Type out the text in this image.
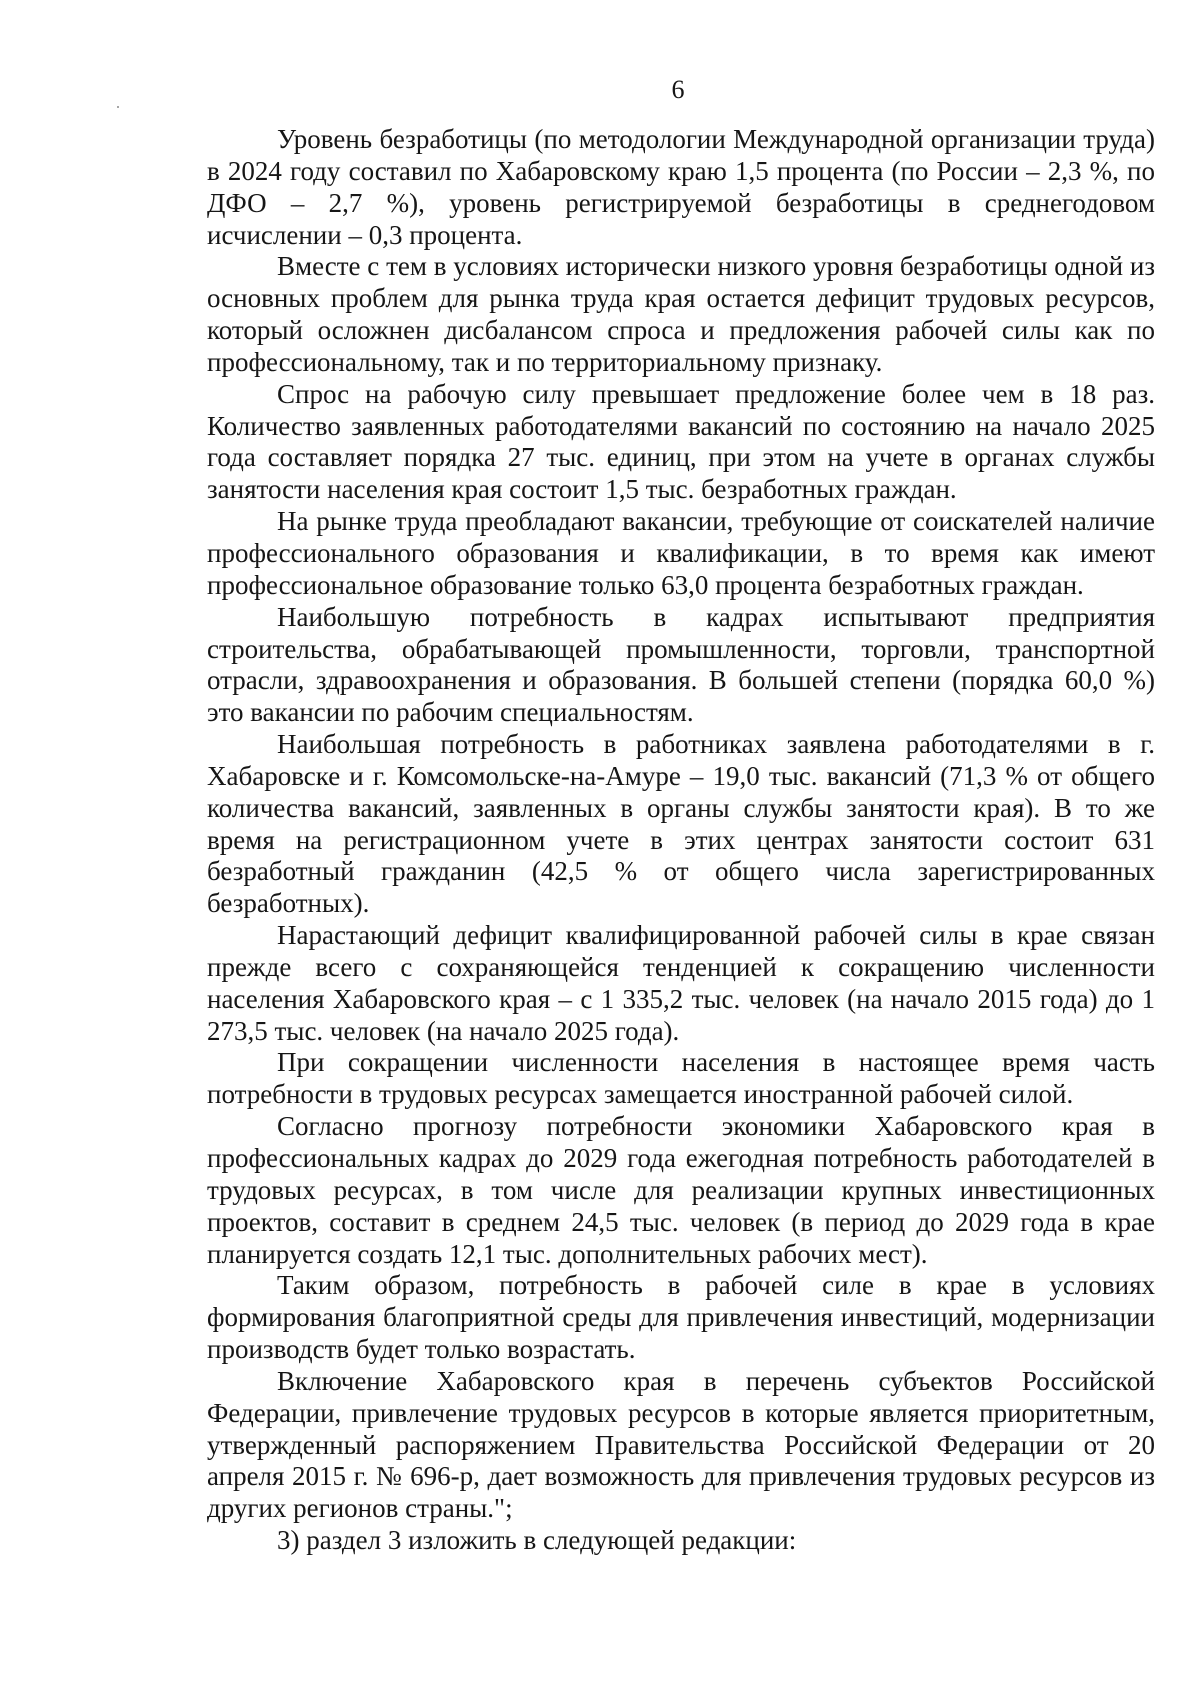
6

Уровень безработицы (по методологии Международной организации труда) в 2024 году составил по Хабаровскому краю 1,5 процента (по России – 2,3 %, по ДФО – 2,7 %), уровень регистрируемой безработицы в среднегодовом исчислении – 0,3 процента.

Вместе с тем в условиях исторически низкого уровня безработицы одной из основных проблем для рынка труда края остается дефицит трудовых ресурсов, который осложнен дисбалансом спроса и предложения рабочей силы как по профессиональному, так и по территориальному признаку.

Спрос на рабочую силу превышает предложение более чем в 18 раз. Количество заявленных работодателями вакансий по состоянию на начало 2025 года составляет порядка 27 тыс. единиц, при этом на учете в органах службы занятости населения края состоит 1,5 тыс. безработных граждан.

На рынке труда преобладают вакансии, требующие от соискателей наличие профессионального образования и квалификации, в то время как имеют профессиональное образование только 63,0 процента безработных граждан.

Наибольшую потребность в кадрах испытывают предприятия строительства, обрабатывающей промышленности, торговли, транспортной отрасли, здравоохранения и образования. В большей степени (порядка 60,0 %) это вакансии по рабочим специальностям.

Наибольшая потребность в работниках заявлена работодателями в г. Хабаровске и г. Комсомольске-на-Амуре – 19,0 тыс. вакансий (71,3 % от общего количества вакансий, заявленных в органы службы занятости края). В то же время на регистрационном учете в этих центрах занятости состоит 631 безработный гражданин (42,5 % от общего числа зарегистрированных безработных).

Нарастающий дефицит квалифицированной рабочей силы в крае связан прежде всего с сохраняющейся тенденцией к сокращению численности населения Хабаровского края – с 1 335,2 тыс. человек (на начало 2015 года) до 1 273,5 тыс. человек (на начало 2025 года).

При сокращении численности населения в настоящее время часть потребности в трудовых ресурсах замещается иностранной рабочей силой.

Согласно прогнозу потребности экономики Хабаровского края в профессиональных кадрах до 2029 года ежегодная потребность работодателей в трудовых ресурсах, в том числе для реализации крупных инвестиционных проектов, составит в среднем 24,5 тыс. человек (в период до 2029 года в крае планируется создать 12,1 тыс. дополнительных рабочих мест).

Таким образом, потребность в рабочей силе в крае в условиях формирования благоприятной среды для привлечения инвестиций, модернизации производств будет только возрастать.

Включение Хабаровского края в перечень субъектов Российской Федерации, привлечение трудовых ресурсов в которые является приоритетным, утвержденный распоряжением Правительства Российской Федерации от 20 апреля 2015 г. № 696-р, дает возможность для привлечения трудовых ресурсов из других регионов страны.";

3) раздел 3 изложить в следующей редакции:
